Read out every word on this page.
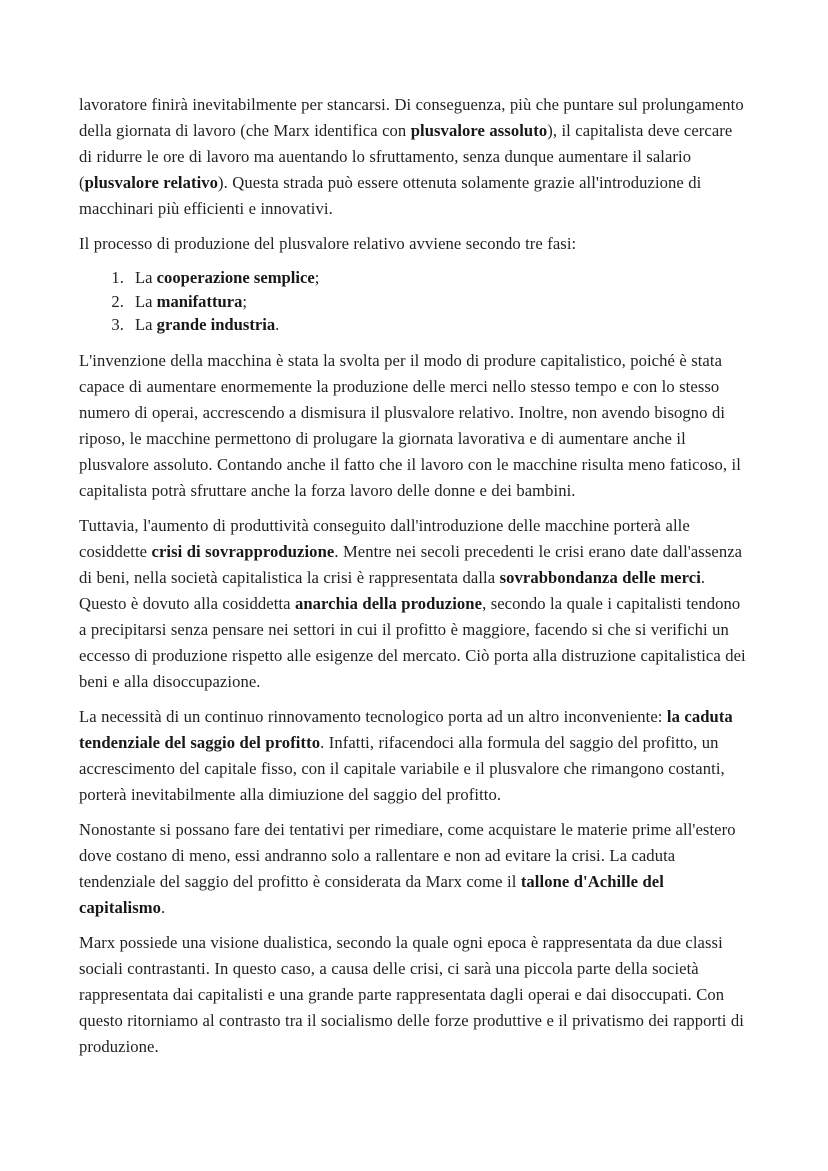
lavoratore finirà inevitabilmente per stancarsi. Di conseguenza, più che puntare sul prolungamento della giornata di lavoro (che Marx identifica con plusvalore assoluto), il capitalista deve cercare di ridurre le ore di lavoro ma auentando lo sfruttamento, senza dunque aumentare il salario (plusvalore relativo). Questa strada può essere ottenuta solamente grazie all'introduzione di macchinari più efficienti e innovativi.

Il processo di produzione del plusvalore relativo avviene secondo tre fasi:

1. La cooperazione semplice;
2. La manifattura;
3. La grande industria.

L'invenzione della macchina è stata la svolta per il modo di produre capitalistico, poiché è stata capace di aumentare enormemente la produzione delle merci nello stesso tempo e con lo stesso numero di operai, accrescendo a dismisura il plusvalore relativo. Inoltre, non avendo bisogno di riposo, le macchine permettono di prolugare la giornata lavorativa e di aumentare anche il plusvalore assoluto. Contando anche il fatto che il lavoro con le macchine risulta meno faticoso, il capitalista potrà sfruttare anche la forza lavoro delle donne e dei bambini.

Tuttavia, l'aumento di produttività conseguito dall'introduzione delle macchine porterà alle cosiddette crisi di sovrapproduzione. Mentre nei secoli precedenti le crisi erano date dall'assenza di beni, nella società capitalistica la crisi è rappresentata dalla sovrabbondanza delle merci. Questo è dovuto alla cosiddetta anarchia della produzione, secondo la quale i capitalisti tendono a precipitarsi senza pensare nei settori in cui il profitto è maggiore, facendo si che si verifichi un eccesso di produzione rispetto alle esigenze del mercato. Ciò porta alla distruzione capitalistica dei beni e alla disoccupazione.

La necessità di un continuo rinnovamento tecnologico porta ad un altro inconveniente: la caduta tendenziale del saggio del profitto. Infatti, rifacendoci alla formula del saggio del profitto, un accrescimento del capitale fisso, con il capitale variabile e il plusvalore che rimangono costanti, porterà inevitabilmente alla dimiuzione del saggio del profitto.

Nonostante si possano fare dei tentativi per rimediare, come acquistare le materie prime all'estero dove costano di meno, essi andranno solo a rallentare e non ad evitare la crisi. La caduta tendenziale del saggio del profitto è considerata da Marx come il tallone d'Achille del capitalismo.

Marx possiede una visione dualistica, secondo la quale ogni epoca è rappresentata da due classi sociali contrastanti. In questo caso, a causa delle crisi, ci sarà una piccola parte della società rappresentata dai capitalisti e una grande parte rappresentata dagli operai e dai disoccupati. Con questo ritorniamo al contrasto tra il socialismo delle forze produttive e il privatismo dei rapporti di produzione.
